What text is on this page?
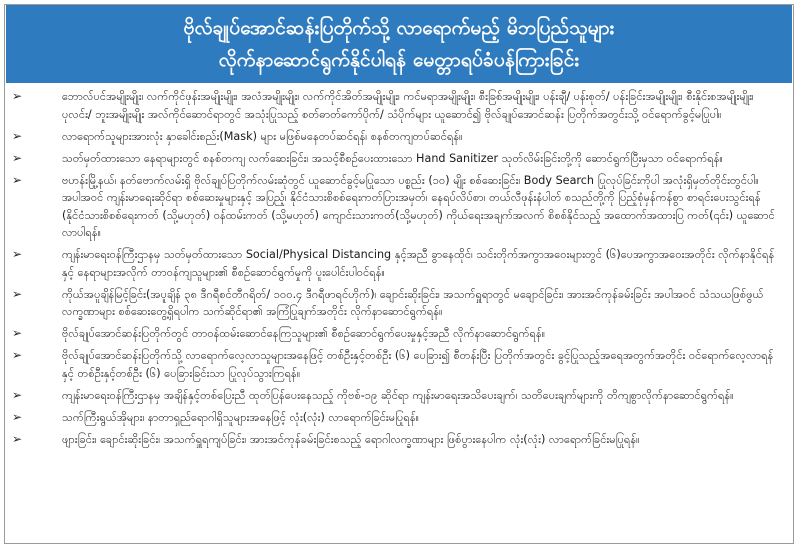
ဗိုလ်ချုပ်အောင်ဆန်းပြတိုက်သို့ လာရောက်မည့် မိဘပြည်သူများ
လိုက်နာဆောင်ရွက်နိုင်ပါရန် မေတ္တာရပ်ခံပန်ကြားခြင်း
➢	ဘောလ်ပင်အမျိုးမျိုး၊ လက်ကိုင်ဖုန်းအမျိုးမျိုး၊ အလံအမျိုးမျိုး၊ လက်ကိုင်အိတ်အမျိုးမျိုး၊ ကင်မရာအမျိုးမျိုး၊ စီးခြစ်အမျိုးမျိုး၊ ပန်းချီ/ ပန်းစုတ်/ ပန်းခြင်းအမျိုးမျိုး၊ စီးနိုင်းစအမျိုးမျိုး၊ ပုလင်း/ ဘူးအမျိုးမျိုး အလ်ကိုင်ဆောင်ရာတွင် အသုံးပြုသည့် စတ်ဓာတ်ကော်ပိုက်/ သံပိုက်များ ယူဆောင်၍ ဗိုလ်ချုပ်အောင်ဆန်း ပြတိုက်အတွင်းသို့ ဝင်ရောက်ခွင့်မပြုပါ။
➢	လာရောက်သူများအားလုံး နှာခေါင်းစည်း(Mask) များ မဖြစ်မနေတပ်ဆင်ရန်၊ စနစ်တကျတပ်ဆင်ရန်။
➢	သတ်မှတ်ထားသော နေရာများတွင် စနစ်တကျ လက်ဆေးခြင်း၊ အသင့်စီစဉ်ပေးထားသော Hand Sanitizer သုတ်လိမ်းခြင်းတို့ကို ဆောင်ရွက်ပြီးမှသာ ဝင်ရောက်ရန်။
➢	ဗဟန်းမြို့နယ်၊ နတ်ဗောက်လမ်းရှိ ဗိုလ်ချုပ်ပြတိုက်လမ်းဆုံတွင် ယူဆောင်ခွင့်မပြုသော ပစ္စည်း (၁၀) မျိုး စစ်ဆေးခြင်း၊ Body Search ပြုလုပ်ခြင်းကိုပါ အလုံးရှိမှတ်တိုင်းတွင်ပါ။ အပါအဝင် ကျန်းမာရေးဆိုင်ရာ စစ်ဆေးမှုများနှင့် အပြည့်၊ နိုင်ငံသားစိစစ်ရေးကတ်ပြားအမှတ်၊ နေရပ်လိပ်စာ၊ တယ်လီဖုန်းနံပါတ် စသည်တို့ကို ပြည့်စုံမှန်ကန်စွာ စာရင်းပေးသွင်းရန် (နိုင်ငံသားစိစစ်ရေးကတ် (သို့မဟုတ်) ဝန်ထမ်းကတ် (သို့မဟုတ်) ကျောင်းသားကတ်(သို့မဟုတ်) ကိုယ်ရေးအချက်အလက် စိစစ်နိုင်သည့် အထောက်အထားပြ ကတ်(၎င်း) ယူဆောင်လာပါရန်။
➢	ကျန်းမာရေးဝန်ကြီးဌာနမှ သတ်မှတ်ထားသော Social/Physical Distancing နှင့်အညီ ခွာနေထိုင်၊ သင်းတိုက်အကွာအဝေးများတွင် (၆)ပေအကွာအဝေးအတိုင်း လိုက်နာနိုင်ရန်နှင့် နေရာများအလိုက် တာဝန်ကျသူများ၏ စီစဉ်ဆောင်ရွက်မှုကို ပူးပေါင်းပါဝင်ရန်။
➢	ကိုယ်အပူချိန်မြင့်ခြင်း(အပူချိန် ၃၈ ဒီဂရီစင်တီဂရိတ်/ ၁၀၀.၄ ဒီဂရီဖာရင်ဟိုက်)၊ ချောင်းဆိုးခြင်း၊ အသက်ရှူရာတွင် မချောင်ခြင်း၊ အားအင်ကုန်ခမ်းခြင်း အပါအဝင် သံသယဖြစ်ဖွယ်လက္ခဏာများ စစ်ဆေးတွေ့ရှိရပါက သက်ဆိုင်ရာ၏ အကြံပြုချက်အတိုင်း လိုက်နာဆောင်ရွက်ရန်။
➢	ဗိုလ်ချုပ်အောင်ဆန်းပြတိုက်တွင် တာဝန်ထမ်းဆောင်နေကြသူများ၏ စီစဉ်ဆောင်ရွက်ပေးမှုနှင့်အညီ လိုက်နာဆောင်ရွက်ရန်။
➢	ဗိုလ်ချုပ်အောင်ဆန်းပြတိုက်သို့ လာရောက်လေ့လာသူများအနေဖြင့် တစ်ဦးနှင့်တစ်ဦး (၆) ပေခြား၍ စီတန်းပြီး ပြတိုက်အတွင်း ခွင့်ပြုသည့်အရေအတွက်အတိုင်း ဝင်ရောက်လေ့လာရန်နှင့် တစ်ဦးနှင့်တစ်ဦး (၆) ပေခြားခြင်းသာ ပြုလုပ်သွားကြရန်။
➢	ကျန်းမာရေးဝန်ကြီးဌာနမှ အချိန်နှင့်တစ်ပြေးညီ ထုတ်ပြန်ပေးနေသည့် ကိုဗစ်-၁၉ ဆိုင်ရာ ကျန်းမာရေးအသိပေးချက်၊ သတိပေးချက်များကို တိကျစွာလိုက်နာဆောင်ရွက်ရန်။
➢	သက်ကြီးရွယ်အိုများ၊ နာတာရှည်ရောဂါရှိသူများအနေဖြင့် လုံး(လုံး) လာရောက်ခြင်းမပြုရန်။
➢	ဖျားခြင်း၊ ချောင်းဆိုးခြင်း၊ အသက်ရှူရကျပ်ခြင်း၊ အားအင်ကုန်ခမ်းခြင်းစသည့် ရောဂါလက္ခဏာများ ဖြစ်ပွားနေပါက လုံး(လုံး) လာရောက်ခြင်းမပြုရန်။
